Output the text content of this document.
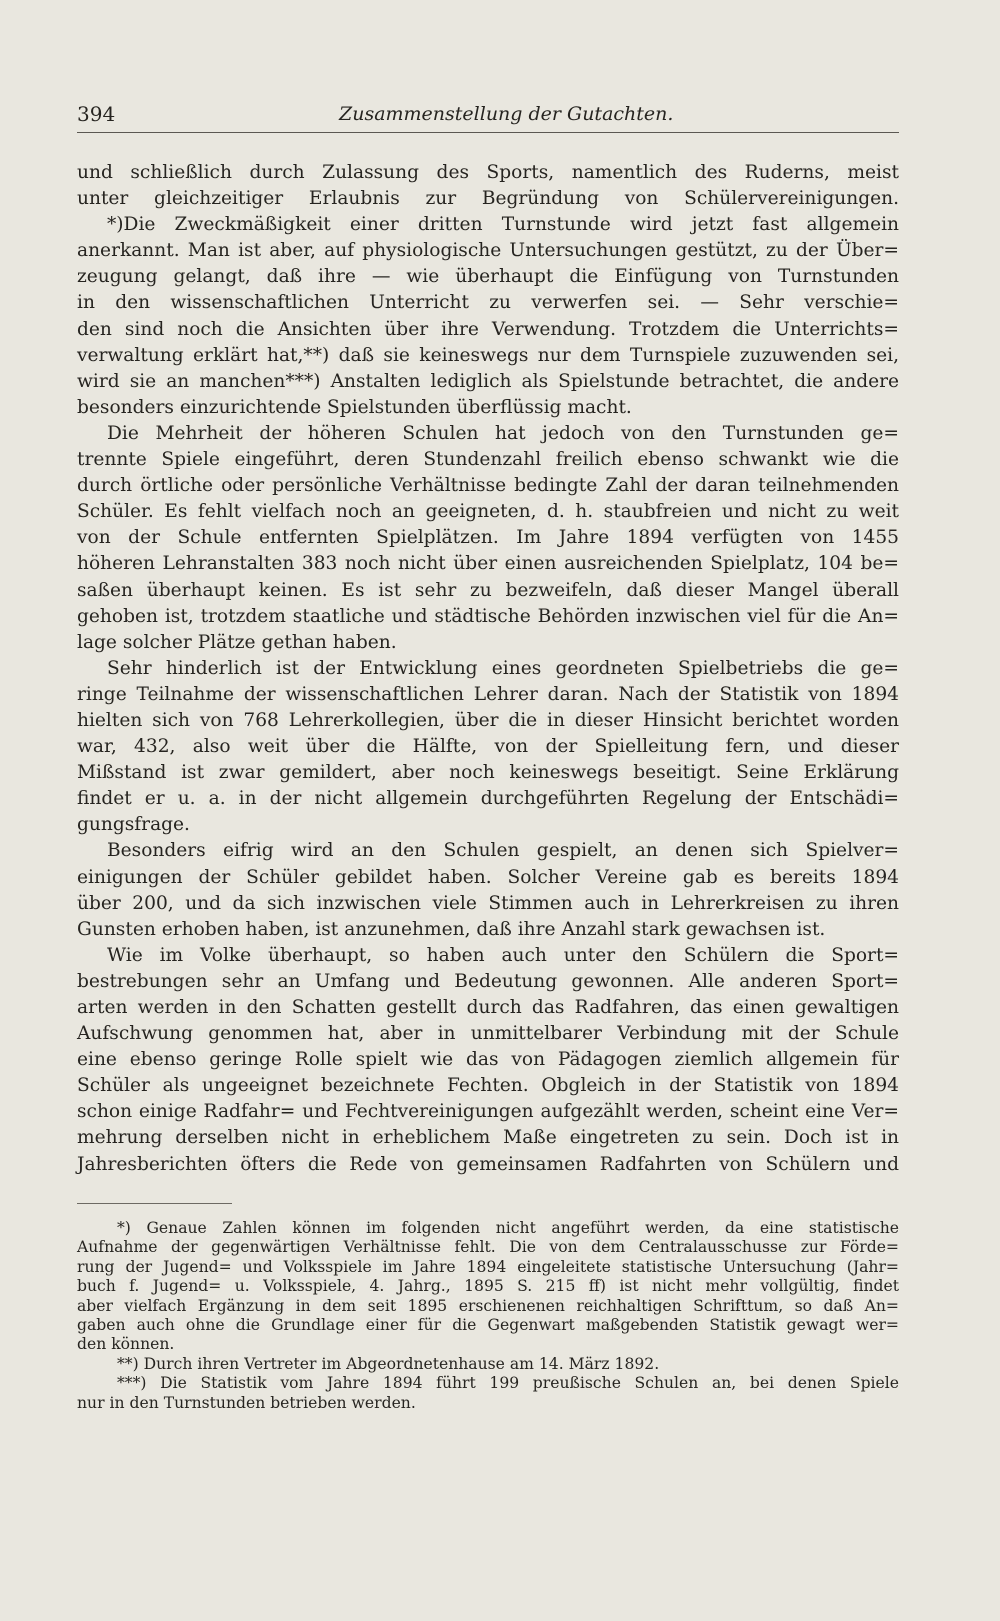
394	Zusammenstellung der Gutachten.
und schließlich durch Zulassung des Sports, namentlich des Ruderns, meist
unter gleichzeitiger Erlaubnis zur Begründung von Schülervereinigungen.
*)Die Zweckmäßigkeit einer dritten Turnstunde wird jetzt fast allgemein
anerkannt. Man ist aber, auf physiologische Untersuchungen gestützt, zu der Über=
zeugung gelangt, daß ihre — wie überhaupt die Einfügung von Turnstunden
in den wissenschaftlichen Unterricht zu verwerfen sei. — Sehr verschie=
den sind noch die Ansichten über ihre Verwendung. Trotzdem die Unterrichts=
verwaltung erklärt hat,**) daß sie keineswegs nur dem Turnspiele zuzuwenden sei,
wird sie an manchen***) Anstalten lediglich als Spielstunde betrachtet, die andere
besonders einzurichtende Spielstunden überflüssig macht.
Die Mehrheit der höheren Schulen hat jedoch von den Turnstunden ge=
trennte Spiele eingeführt, deren Stundenzahl freilich ebenso schwankt wie die
durch örtliche oder persönliche Verhältnisse bedingte Zahl der daran teilnehmenden
Schüler. Es fehlt vielfach noch an geeigneten, d. h. staubfreien und nicht zu weit
von der Schule entfernten Spielplätzen. Im Jahre 1894 verfügten von 1455
höheren Lehranstalten 383 noch nicht über einen ausreichenden Spielplatz, 104 be=
saßen überhaupt keinen. Es ist sehr zu bezweifeln, daß dieser Mangel überall
gehoben ist, trotzdem staatliche und städtische Behörden inzwischen viel für die An=
lage solcher Plätze gethan haben.
Sehr hinderlich ist der Entwicklung eines geordneten Spielbetriebs die ge=
ringe Teilnahme der wissenschaftlichen Lehrer daran. Nach der Statistik von 1894
hielten sich von 768 Lehrerkollegien, über die in dieser Hinsicht berichtet worden
war, 432, also weit über die Hälfte, von der Spielleitung fern, und dieser
Mißstand ist zwar gemildert, aber noch keineswegs beseitigt. Seine Erklärung
findet er u. a. in der nicht allgemein durchgeführten Regelung der Entschädi=
gungsfrage.
Besonders eifrig wird an den Schulen gespielt, an denen sich Spielver=
einigungen der Schüler gebildet haben. Solcher Vereine gab es bereits 1894
über 200, und da sich inzwischen viele Stimmen auch in Lehrerkreisen zu ihren
Gunsten erhoben haben, ist anzunehmen, daß ihre Anzahl stark gewachsen ist.
Wie im Volke überhaupt, so haben auch unter den Schülern die Sport=
bestrebungen sehr an Umfang und Bedeutung gewonnen. Alle anderen Sport=
arten werden in den Schatten gestellt durch das Radfahren, das einen gewaltigen
Aufschwung genommen hat, aber in unmittelbarer Verbindung mit der Schule
eine ebenso geringe Rolle spielt wie das von Pädagogen ziemlich allgemein für
Schüler als ungeeignet bezeichnete Fechten. Obgleich in der Statistik von 1894
schon einige Radfahr= und Fechtvereinigungen aufgezählt werden, scheint eine Ver=
mehrung derselben nicht in erheblichem Maße eingetreten zu sein. Doch ist in
Jahresberichten öfters die Rede von gemeinsamen Radfahrten von Schülern und
*) Genaue Zahlen können im folgenden nicht angeführt werden, da eine statistische
Aufnahme der gegenwärtigen Verhältnisse fehlt. Die von dem Centralausschusse zur Förde=
rung der Jugend= und Volksspiele im Jahre 1894 eingeleitete statistische Untersuchung (Jahr=
buch f. Jugend= u. Volksspiele, 4. Jahrg., 1895 S. 215 ff) ist nicht mehr vollgültig, findet
aber vielfach Ergänzung in dem seit 1895 erschienenen reichhaltigen Schrifttum, so daß An=
gaben auch ohne die Grundlage einer für die Gegenwart maßgebenden Statistik gewagt wer=
den können.
**) Durch ihren Vertreter im Abgeordnetenhause am 14. März 1892.
***) Die Statistik vom Jahre 1894 führt 199 preußische Schulen an, bei denen Spiele
nur in den Turnstunden betrieben werden.
